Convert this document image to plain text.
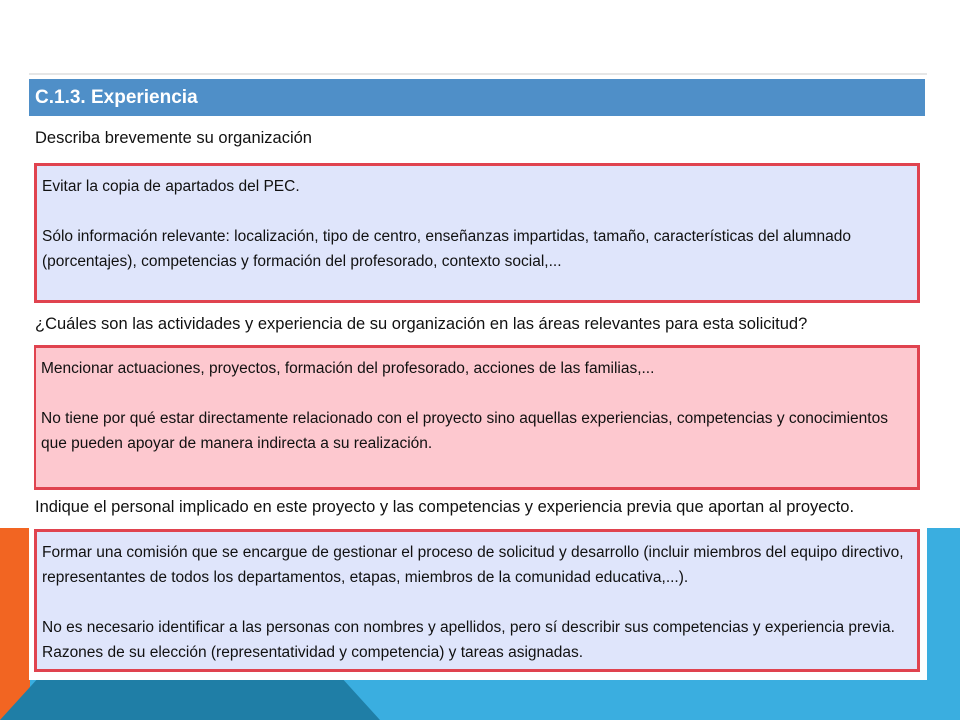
C.1.3. Experiencia
Describa brevemente su organización

Evitar la copia de apartados del PEC.

Sólo información relevante: localización, tipo de centro, enseñanzas impartidas, tamaño, características del alumnado (porcentajes), competencias y formación del profesorado, contexto social,...

¿Cuáles son las actividades y experiencia de su organización en las áreas relevantes para esta solicitud?

Mencionar actuaciones, proyectos, formación del profesorado, acciones de las familias,...

No tiene por qué estar directamente relacionado con el proyecto sino aquellas experiencias, competencias y conocimientos que pueden apoyar de manera indirecta a su realización.

Indique el personal implicado en este proyecto y las competencias y experiencia previa que aportan al proyecto.

Formar una comisión que se encargue de gestionar el proceso de solicitud y desarrollo (incluir miembros del equipo directivo, representantes de todos los departamentos, etapas, miembros de la comunidad educativa,...).

No es necesario identificar a las personas con nombres y apellidos, pero sí describir sus competencias y experiencia previa. Razones de su elección (representatividad y competencia) y tareas asignadas.
